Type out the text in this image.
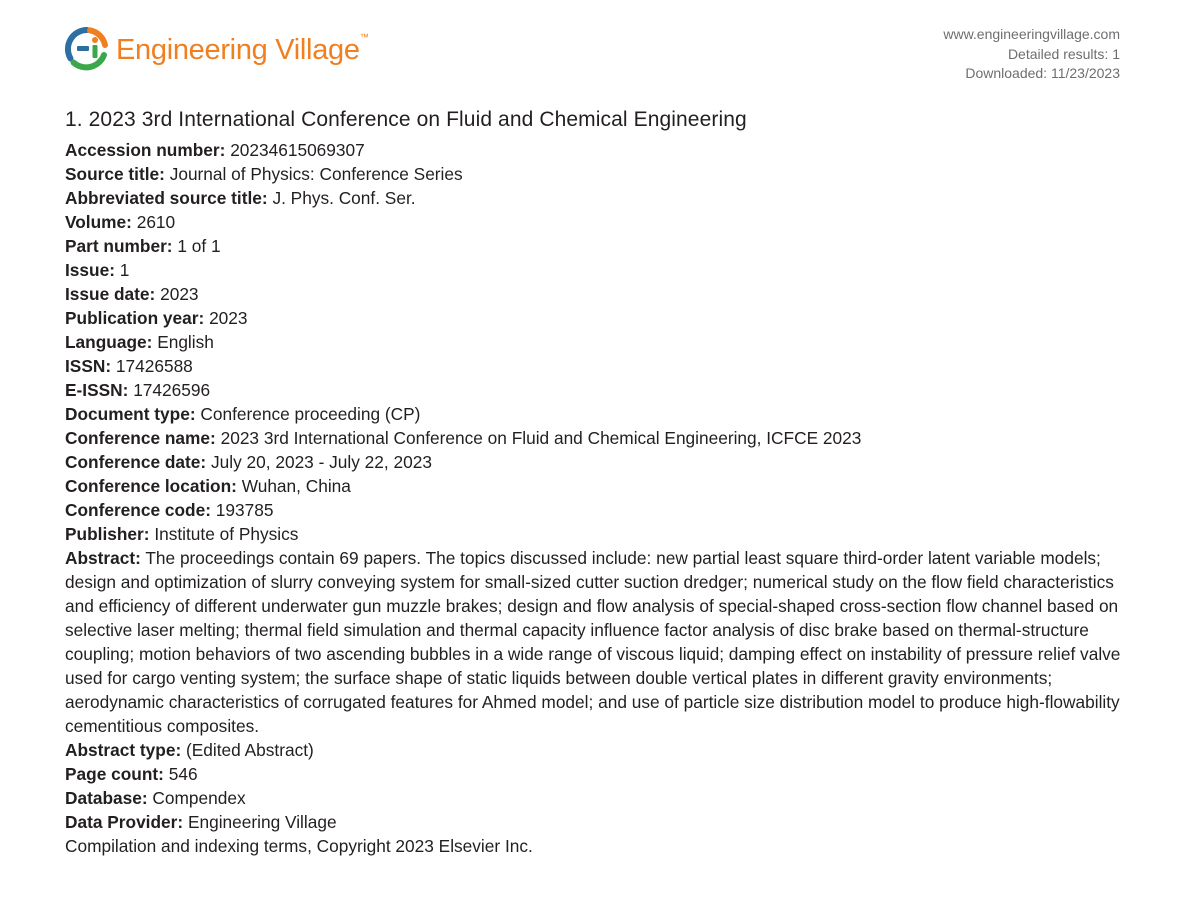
Engineering Village™	www.engineeringvillage.com
Detailed results: 1
Downloaded: 11/23/2023
1. 2023 3rd International Conference on Fluid and Chemical Engineering
Accession number: 20234615069307
Source title: Journal of Physics: Conference Series
Abbreviated source title: J. Phys. Conf. Ser.
Volume: 2610
Part number: 1 of 1
Issue: 1
Issue date: 2023
Publication year: 2023
Language: English
ISSN: 17426588
E-ISSN: 17426596
Document type: Conference proceeding (CP)
Conference name: 2023 3rd International Conference on Fluid and Chemical Engineering, ICFCE 2023
Conference date: July 20, 2023 - July 22, 2023
Conference location: Wuhan, China
Conference code: 193785
Publisher: Institute of Physics
Abstract: The proceedings contain 69 papers. The topics discussed include: new partial least square third-order latent variable models; design and optimization of slurry conveying system for small-sized cutter suction dredger; numerical study on the flow field characteristics and efficiency of different underwater gun muzzle brakes; design and flow analysis of special-shaped cross-section flow channel based on selective laser melting; thermal field simulation and thermal capacity influence factor analysis of disc brake based on thermal-structure coupling; motion behaviors of two ascending bubbles in a wide range of viscous liquid; damping effect on instability of pressure relief valve used for cargo venting system; the surface shape of static liquids between double vertical plates in different gravity environments; aerodynamic characteristics of corrugated features for Ahmed model; and use of particle size distribution model to produce high-flowability cementitious composites.
Abstract type: (Edited Abstract)
Page count: 546
Database: Compendex
Data Provider: Engineering Village
Compilation and indexing terms, Copyright 2023 Elsevier Inc.
